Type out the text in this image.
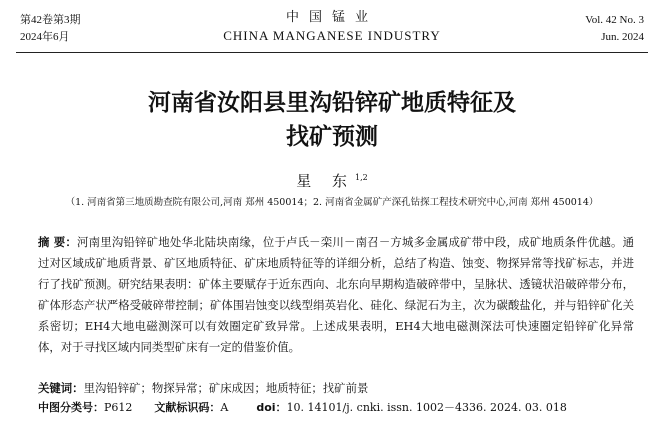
第42卷第3期
2024年6月
中国锰业
CHINA MANGANESE INDUSTRY
Vol. 42 No. 3
Jun. 2024
河南省汝阳县里沟铅锌矿地质特征及
找矿预测
星 东$^{1,2}$
（1. 河南省第三地质勘查院有限公司,河南 郑州 450014；2. 河南省金属矿产深孔钻探工程技术研究中心,河南 郑州 450014）
摘 要：河南里沟铅锌矿地处华北陆块南缘，位于卢氏－栾川－南召－方城多金属成矿带中段，成矿地质条件优越。通过对区域成矿地质背景、矿区地质特征、矿床地质特征等的详细分析，总结了构造、蚀变、物探异常等找矿标志，并进行了找矿预测。研究结果表明：矿体主要赋存于近东西向、北东向早期构造破碎带中，呈脉状、透镜状沿破碎带分布，矿体形态产状严格受破碎带控制；矿体围岩蚀变以线型绢英岩化、硅化、绿泥石为主，次为碳酸盐化，并与铅锌矿化关系密切；EH4大地电磁测深可以有效圈定矿致异常。上述成果表明，EH4大地电磁测深法可快速圈定铅锌矿化异常体，对于寻找区域内同类型矿床有一定的借鉴价值。
关键词：里沟铅锌矿；物探异常；矿床成因；地质特征；找矿前景
中图分类号：P612 文献标识码：A	doi：10. 14101/j. cnki. issn. 1002－4336. 2024. 03. 018
